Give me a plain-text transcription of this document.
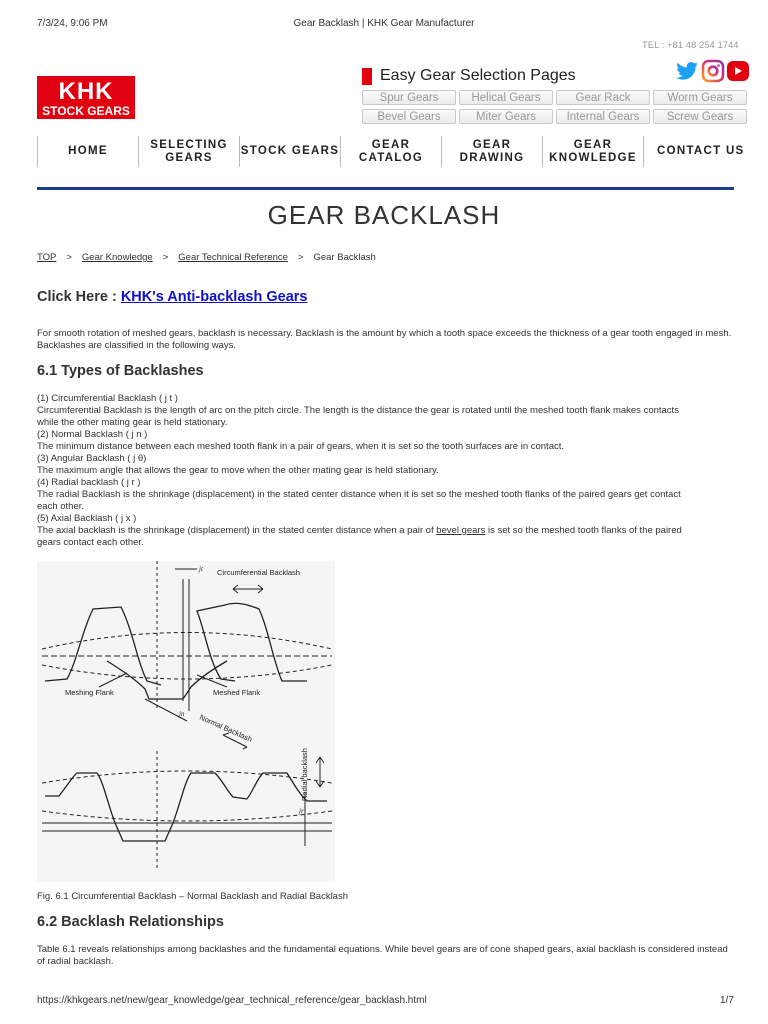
7/3/24, 9:06 PM	Gear Backlash | KHK Gear Manufacturer
TEL : +81 48 254 1744
KHK
STOCK GEARS
Easy Gear Selection Pages
Spur Gears	Helical Gears	Gear Rack	Worm Gears
Bevel Gears	Miter Gears	Internal Gears	Screw Gears
HOME
SELECTING
GEARS
STOCK GEARS
GEAR
CATALOG
GEAR
DRAWING
GEAR
KNOWLEDGE
CONTACT US
GEAR BACKLASH
TOP > Gear Knowledge > Gear Technical Reference > Gear Backlash
Click Here : KHK's Anti-backlash Gears
For smooth rotation of meshed gears, backlash is necessary. Backlash is the amount by which a tooth space exceeds the thickness of a gear tooth engaged in mesh. Backlashes are classified in the following ways.
6.1 Types of Backlashes
(1) Circumferential Backlash ( j t )
Circumferential Backlash is the length of arc on the pitch circle. The length is the distance the gear is rotated until the meshed tooth flank makes contacts
while the other mating gear is held stationary.
(2) Normal Backlash ( j n )
The minimum distance between each meshed tooth flank in a pair of gears, when it is set so the tooth surfaces are in contact.
(3) Angular Backlash ( j θ)
The maximum angle that allows the gear to move when the other mating gear is held stationary.
(4) Radial backlash ( j r )
The radial Backlash is the shrinkage (displacement) in the stated center distance when it is set so the meshed tooth flanks of the paired gears get contact
each other.
(5) Axial Backlash ( j x )
The axial backlash is the shrinkage (displacement) in the stated center distance when a pair of bevel gears is set so the meshed tooth flanks of the paired
gears contact each other.
Circumferential Backlash
jt
Meshing Flank	Meshed Flank
jn Normal Backlash
Radial backlash
jr
Fig. 6.1 Circumferential Backlash – Normal Backlash and Radial Backlash
6.2 Backlash Relationships
Table 6.1 reveals relationships among backlashes and the fundamental equations. While bevel gears are of cone shaped gears, axial backlash is considered instead of radial backlash.
https://khkgears.net/new/gear_knowledge/gear_technical_reference/gear_backlash.html	1/7
